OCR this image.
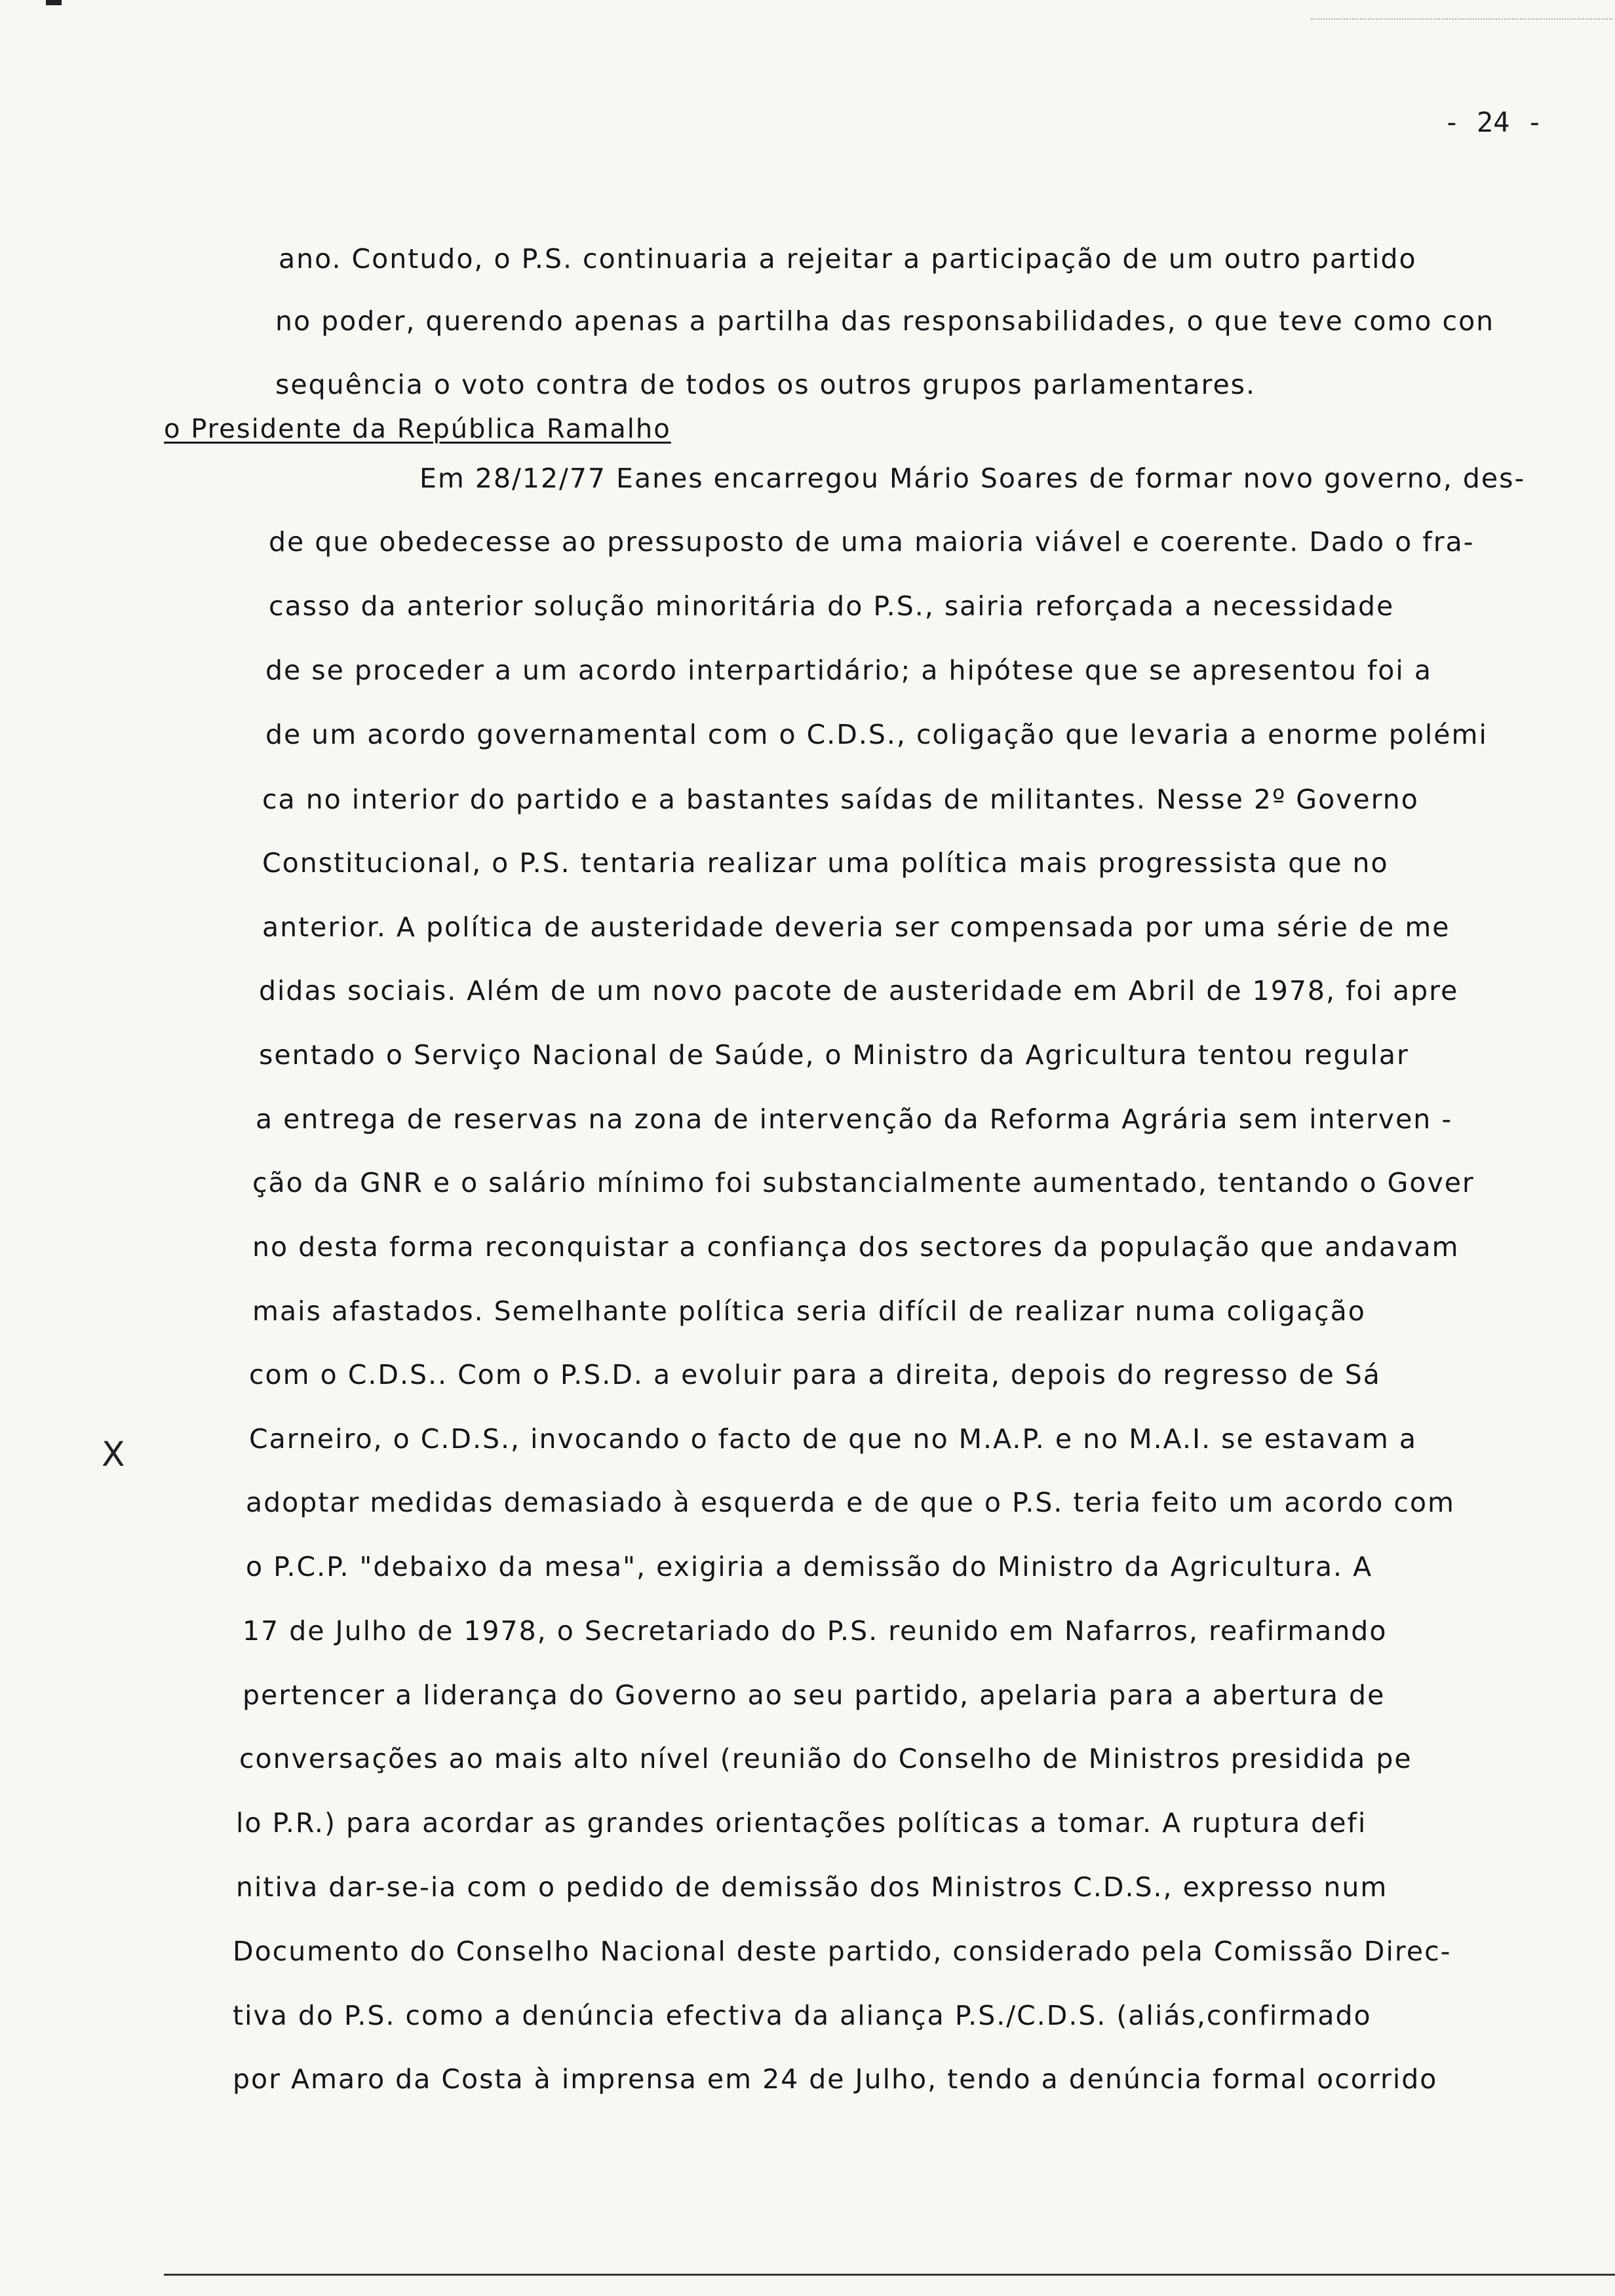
- 24 -
o Presidente da República Ramalho
X
ano. Contudo, o P.S. continuaria a rejeitar a participação de um outro partido
no poder, querendo apenas a partilha das responsabilidades, o que teve como con
sequência o voto contra de todos os outros grupos parlamentares.
Em 28/12/77 Eanes encarregou Mário Soares de formar novo governo, des-
de que obedecesse ao pressuposto de uma maioria viável e coerente. Dado o fra-
casso da anterior solução minoritária do P.S., sairia reforçada a necessidade
de se proceder a um acordo interpartidário; a hipótese que se apresentou foi a
de um acordo governamental com o C.D.S., coligação que levaria a enorme polémi
ca no interior do partido e a bastantes saídas de militantes. Nesse 2º Governo
Constitucional, o P.S. tentaria realizar uma política mais progressista que no
anterior. A política de austeridade deveria ser compensada por uma série de me
didas sociais. Além de um novo pacote de austeridade em Abril de 1978, foi apre
sentado o Serviço Nacional de Saúde, o Ministro da Agricultura tentou regular
a entrega de reservas na zona de intervenção da Reforma Agrária sem interven -
ção da GNR e o salário mínimo foi substancialmente aumentado, tentando o Gover
no desta forma reconquistar a confiança dos sectores da população que andavam
mais afastados. Semelhante política seria difícil de realizar numa coligação
com o C.D.S.. Com o P.S.D. a evoluir para a direita, depois do regresso de Sá
Carneiro, o C.D.S., invocando o facto de que no M.A.P. e no M.A.I. se estavam a
adoptar medidas demasiado à esquerda e de que o P.S. teria feito um acordo com
o P.C.P. "debaixo da mesa", exigiria a demissão do Ministro da Agricultura. A
17 de Julho de 1978, o Secretariado do P.S. reunido em Nafarros, reafirmando
pertencer a liderança do Governo ao seu partido, apelaria para a abertura de
conversações ao mais alto nível (reunião do Conselho de Ministros presidida pe
lo P.R.) para acordar as grandes orientações políticas a tomar. A ruptura defi
nitiva dar-se-ia com o pedido de demissão dos Ministros C.D.S., expresso num
Documento do Conselho Nacional deste partido, considerado pela Comissão Direc-
tiva do P.S. como a denúncia efectiva da aliança P.S./C.D.S. (aliás,confirmado
por Amaro da Costa à imprensa em 24 de Julho, tendo a denúncia formal ocorrido
